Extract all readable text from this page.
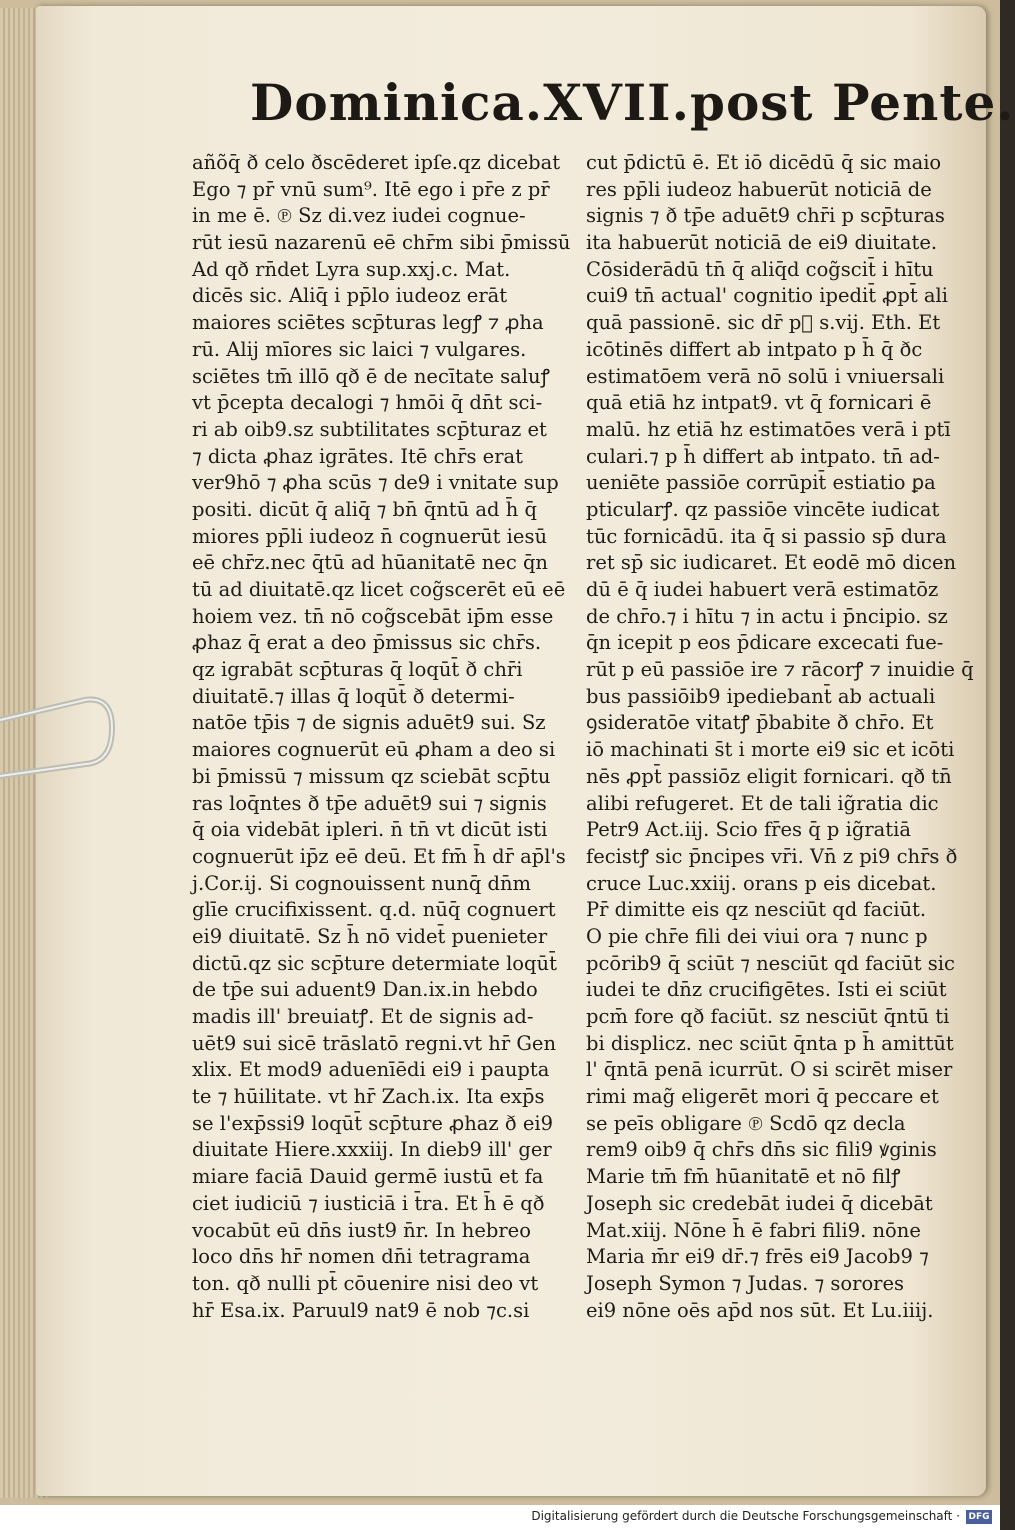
Dominica.XVII.post Pente.
añõq̄ ð celo ðscēderet ipſe.qz dicebat
Ego ⁊ pr̄ vnū sum⁹. Itē ego i pr̄e z pr̄
in me ē. ℗ Sz di.vez iudei cognue-
rūt iesū nazarenū eē chr̄m sibi p̄missū
Ad qð rn̄det Lyra sup.xxj.c. Mat.
dicēs sic. Aliq̄ i pp̄lo iudeoz erāt
maiores sciētes scp̄turas legꝭ ⁊ ꝓha
rū. Alij mīores sic laici ⁊ vulgares.
sciētes tm̄ illō qð ē de necītate saluꝭ
vt p̄cepta decalogi ⁊ hmōi q̄ dn̄t sci-
ri ab oib9.sz subtilitates scp̄turaz et
⁊ dicta ꝓhaz igrātes. Itē chr̄s erat
ver9hō ⁊ ꝓha scūs ⁊ de9 i vnitate sup
positi. dicūt q̄ aliq̄ ⁊ bn̄ q̄ntū ad h̄ q̄
miores pp̄li iudeoz n̄ cognuerūt iesū
eē chr̄z.nec q̄tū ad hūanitatē nec q̄n
tū ad diuitatē.qz licet cog̃scerēt eū eē
hoiem vez. tn̄ nō cog̃scebāt ip̄m esse
ꝓhaz q̄ erat a deo p̄missus sic chr̄s.
qz igrabāt scp̄turas q̄ loqūt̄ ð chr̄i
diuitatē.⁊ illas q̄ loqūt̄ ð determi-
natōe tp̄is ⁊ de signis aduēt9 sui. Sz
maiores cognuerūt eū ꝓham a deo si
bi p̄missū ⁊ missum qz sciebāt scp̄tu
ras loq̄ntes ð tp̄e aduēt9 sui ⁊ signis
q̄ oia videbāt ipleri. n̄ tn̄ vt dicūt isti
cognuerūt ip̄z eē deū. Et fm̄ h̄ dr̄ ap̄l's
j.Cor.ij. Si cognouissent nunq̄ dn̄m
glīe crucifixissent. q.d. nūq̄ cognuert
ei9 diuitatē. Sz h̄ nō videt̄ puenieter
dictū.qz sic scp̄ture determiate loqūt̄
de tp̄e sui aduent9 Dan.ix.in hebdo
madis ill' breuiatꝭ. Et de signis ad-
uēt9 sui sicē trāslatō regni.vt hr̄ Gen
xlix. Et mod9 aduenīēdi ei9 i paupta
te ⁊ hūilitate. vt hr̄ Zach.ix. Ita exp̄s
se l'exp̄ssi9 loqūt̄ scp̄ture ꝓhaz ð ei9
diuitate Hiere.xxxiij. In dieb9 ill' ger
miare faciā Dauid germē iustū et fa
ciet iudiciū ⁊ iusticiā i t̄ra. Et h̄ ē qð
vocabūt eū dn̄s iust9 n̄r. In hebreo
loco dn̄s hr̄ nomen dn̄i tetragrama
ton. qð nulli pt̄ cōuenire nisi deo vt
hr̄ Esa.ix. Paruul9 nat9 ē nob ⁊c.si
cut p̄dictū ē. Et iō dicēdū q̄ sic maio
res pp̄li iudeoz habuerūt noticiā de
signis ⁊ ð tp̄e aduēt9 chr̄i p scp̄turas
ita habuerūt noticiā de ei9 diuitate.
Cōsiderādū tn̄ q̄ aliq̄d cog̃scit̄ i hītu
cui9 tn̄ actual' cognitio ipedit̄ ꝓpt̄ ali
quā passionē. sic dr̄ pᷝ s.vij. Eth. Et
icōtinēs differt ab intpato p h̄ q̄ ðc
estimatōem verā nō solū i vniuersali
quā etiā hz intpat9. vt q̄ fornicari ē
malū. hz etiā hz estimatōes verā i ptī
culari.⁊ p h̄ differt ab intpato. tn̄ ad-
ueniēte passiōe corrūpit̄ estiatio ꝑa
pticularꝭ. qz passiōe vincēte iudicat
tūc fornicādū. ita q̄ si passio sp̄ dura
ret sp̄ sic iudicaret. Et eodē mō dicen
dū ē q̄ iudei habuert verā estimatōz
de chr̄o.⁊ i hītu ⁊ in actu i p̄ncipio. sz
q̄n icepit p eos p̄dicare excecati fue-
rūt p eū passiōe ire ⁊ rācorꝭ ⁊ inuidie q̄
bus passiōib9 ipediebant̄ ab actuali
ꝯsideratōe vitatꝭ p̄babite ð chr̄o. Et
iō machinati s̄t i morte ei9 sic et icōti
nēs ꝓpt̄ passiōz eligit fornicari. qð tn̄
alibi refugeret. Et de tali ig̃ratia dic
Petr9 Act.iij. Scio fr̄es q̄ p ig̃ratiā
fecistꝭ sic p̄ncipes vr̄i. Vn̄ z pi9 chr̄s ð
cruce Luc.xxiij. orans p eis dicebat.
Pr̄ dimitte eis qz nesciūt qd faciūt.
O pie chr̄e fili dei viui ora ⁊ nunc p
pcōrib9 q̄ sciūt ⁊ nesciūt qd faciūt sic
iudei te dn̄z crucifigētes. Isti ei sciūt
pcm̄ fore qð faciūt. sz nesciūt q̄ntū ti
bi displicz. nec sciūt q̄nta p h̄ amittūt
l' q̄ntā penā icurrūt. O si scirēt miser
rimi mag̃ eligerēt mori q̄ peccare et
se peīs obligare ℗ Scdō qz decla
rem9 oib9 q̄ chr̄s dn̄s sic fili9 ꝟginis
Marie tm̄ fm̄ hūanitatē et nō filꝭ
Joseph sic credebāt iudei q̄ dicebāt
Mat.xiij. Nōne h̄ ē fabri fili9. nōne
Maria m̄r ei9 dr̄.⁊ frēs ei9 Jacob9 ⁊
Joseph Symon ⁊ Judas. ⁊ sorores
ei9 nōne oēs ap̄d nos sūt. Et Lu.iiij.
Digitalisierung gefördert durch die Deutsche Forschungsgemeinschaft · DFG
